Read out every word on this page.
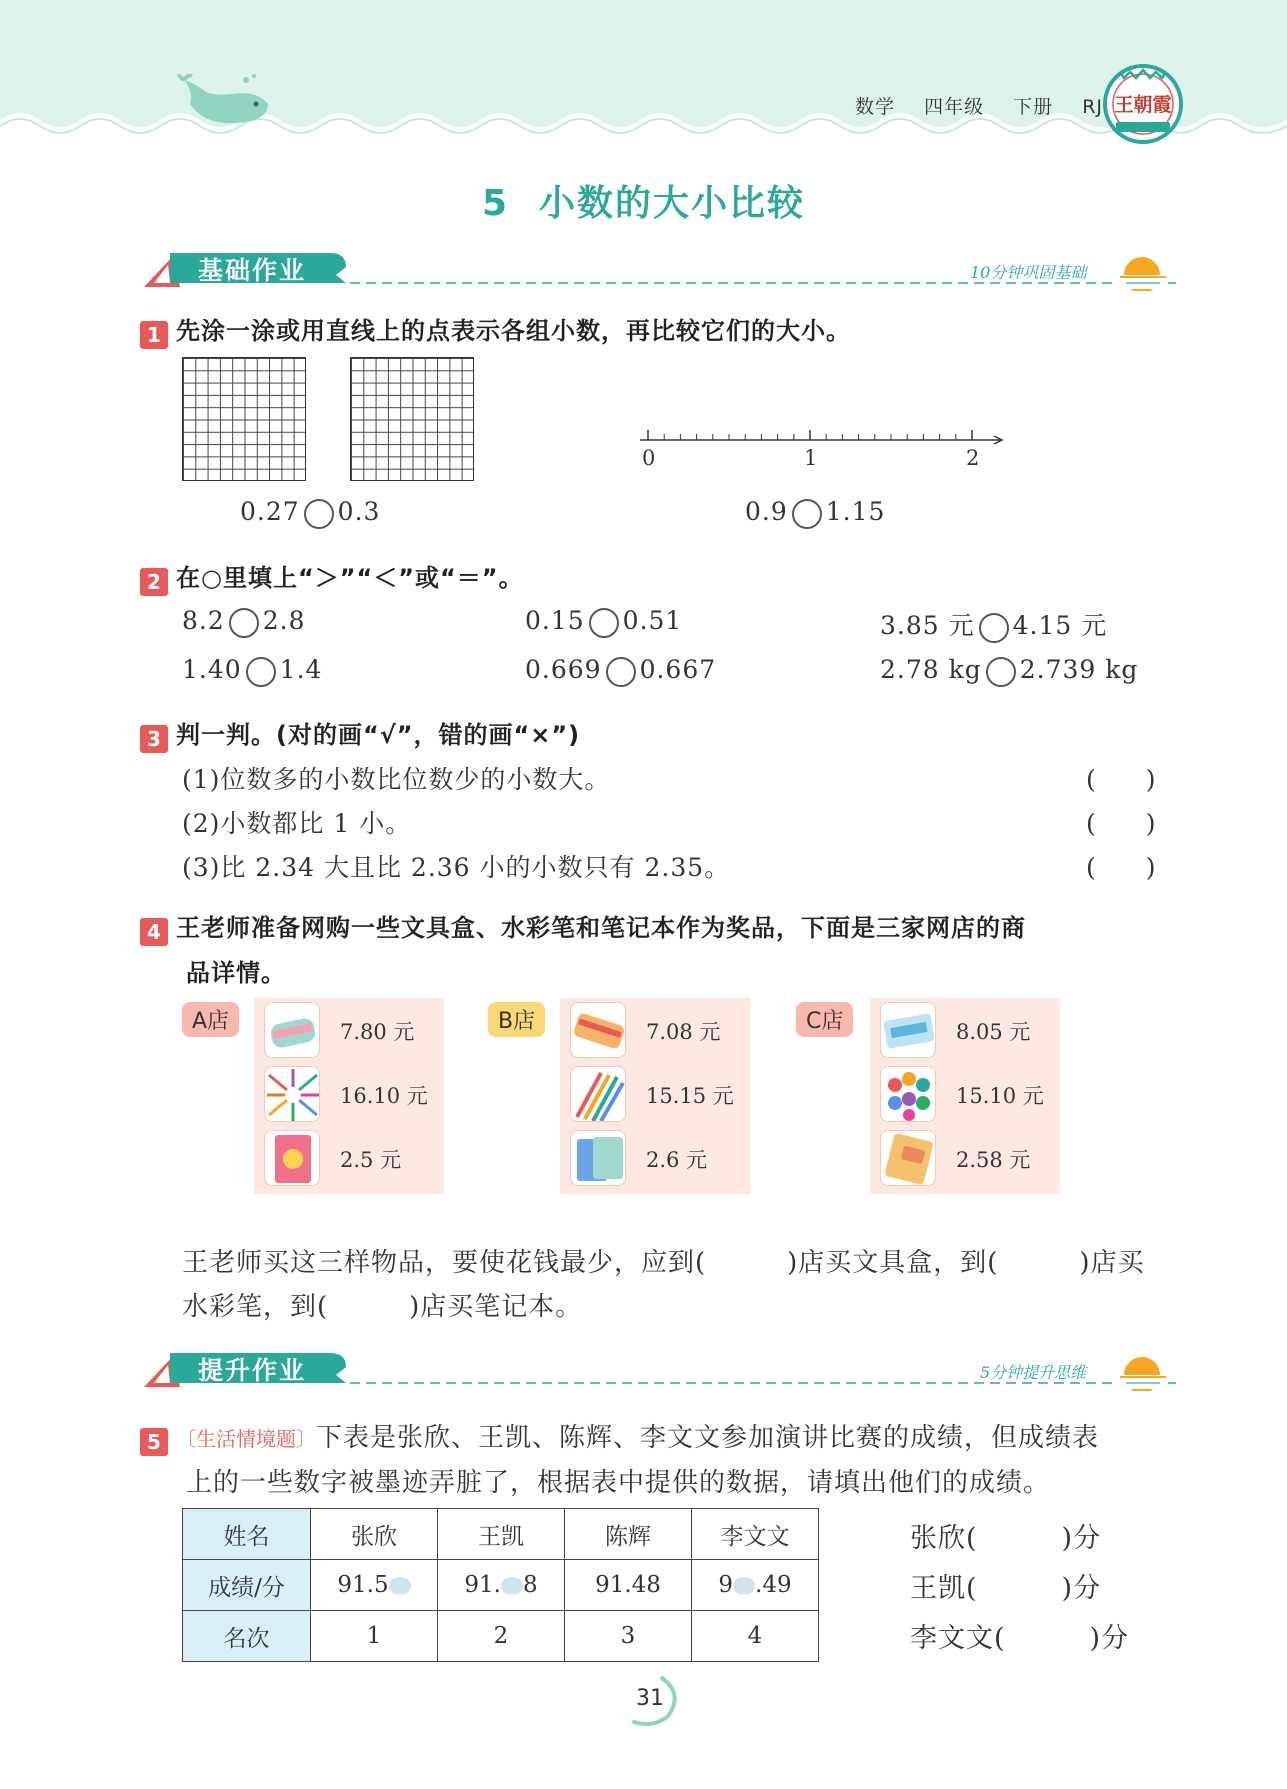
数学 四年级 下册 RJ 王朝霞
5 小数的大小比较
基础作业	10分钟巩固基础
1 先涂一涂或用直线上的点表示各组小数，再比较它们的大小。
0.27 0.3
0	1	2
0.9 1.15
2 在○里填上“＞”“＜”或“＝”。
8.2 2.8	0.15 0.51	3.85 元 4.15 元
1.40 1.4	0.669 0.667	2.78 kg 2.739 kg
3 判一判。(对的画“√”，错的画“×”)
(1)位数多的小数比位数少的小数大。	(　　)
(2)小数都比 1 小。	(　　)
(3)比 2.34 大且比 2.36 小的小数只有 2.35。	(　　)
4 王老师准备网购一些文具盒、水彩笔和笔记本作为奖品，下面是三家网店的商
品详情。
A店	7.80 元
16.10 元
2.5 元
B店	7.08 元
15.15 元
2.6 元
C店	8.05 元
15.10 元
2.58 元
王老师买这三样物品，要使花钱最少，应到(　　　)店买文具盒，到(　　　)店买
水彩笔，到(　　　)店买笔记本。
提升作业	5分钟提升思维
5 〔生活情境题〕下表是张欣、王凯、陈辉、李文文参加演讲比赛的成绩，但成绩表
上的一些数字被墨迹弄脏了，根据表中提供的数据，请填出他们的成绩。
姓名	张欣	王凯	陈辉	李文文
成绩/分	91.5	91. 8	91.48	9 .49
名次	1	2	3	4
张欣(　　　)分
王凯(　　　)分
李文文(　　　)分
31
